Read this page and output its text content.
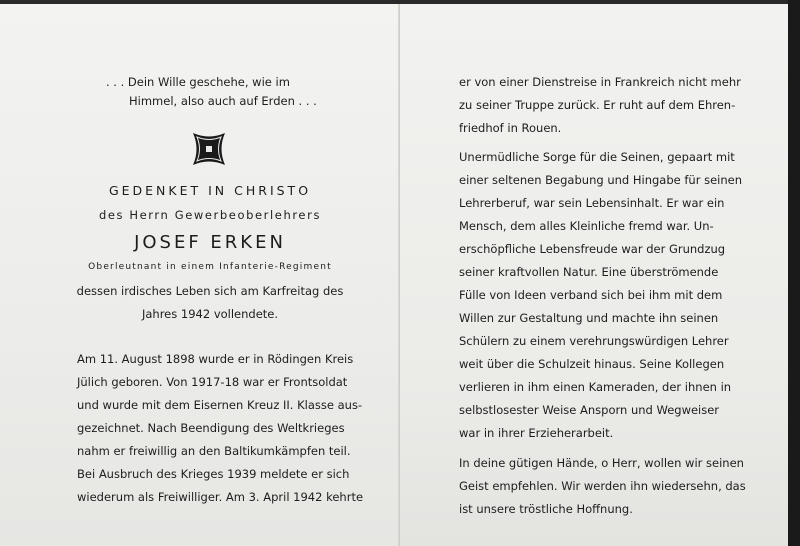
. . . Dein Wille geschehe, wie im
Himmel, also auch auf Erden . . .
GEDENKET IN CHRISTO
des Herrn Gewerbeoberlehrers
JOSEF ERKEN
Oberleutnant in einem Infanterie-Regiment
dessen irdisches Leben sich am Karfreitag des
Jahres 1942 vollendete.
Am 11. August 1898 wurde er in Rödingen Kreis
Jülich geboren. Von 1917-18 war er Frontsoldat
und wurde mit dem Eisernen Kreuz II. Klasse aus-
gezeichnet. Nach Beendigung des Weltkrieges
nahm er freiwillig an den Baltikumkämpfen teil.
Bei Ausbruch des Krieges 1939 meldete er sich
wiederum als Freiwilliger. Am 3. April 1942 kehrte
er von einer Dienstreise in Frankreich nicht mehr
zu seiner Truppe zurück. Er ruht auf dem Ehren-
friedhof in Rouen.
Unermüdliche Sorge für die Seinen, gepaart mit
einer seltenen Begabung und Hingabe für seinen
Lehrerberuf, war sein Lebensinhalt. Er war ein
Mensch, dem alles Kleinliche fremd war. Un-
erschöpfliche Lebensfreude war der Grundzug
seiner kraftvollen Natur. Eine überströmende
Fülle von Ideen verband sich bei ihm mit dem
Willen zur Gestaltung und machte ihn seinen
Schülern zu einem verehrungswürdigen Lehrer
weit über die Schulzeit hinaus. Seine Kollegen
verlieren in ihm einen Kameraden, der ihnen in
selbstlosester Weise Ansporn und Wegweiser
war in ihrer Erzieherarbeit.
In deine gütigen Hände, o Herr, wollen wir seinen
Geist empfehlen. Wir werden ihn wiedersehn, das
ist unsere tröstliche Hoffnung.
